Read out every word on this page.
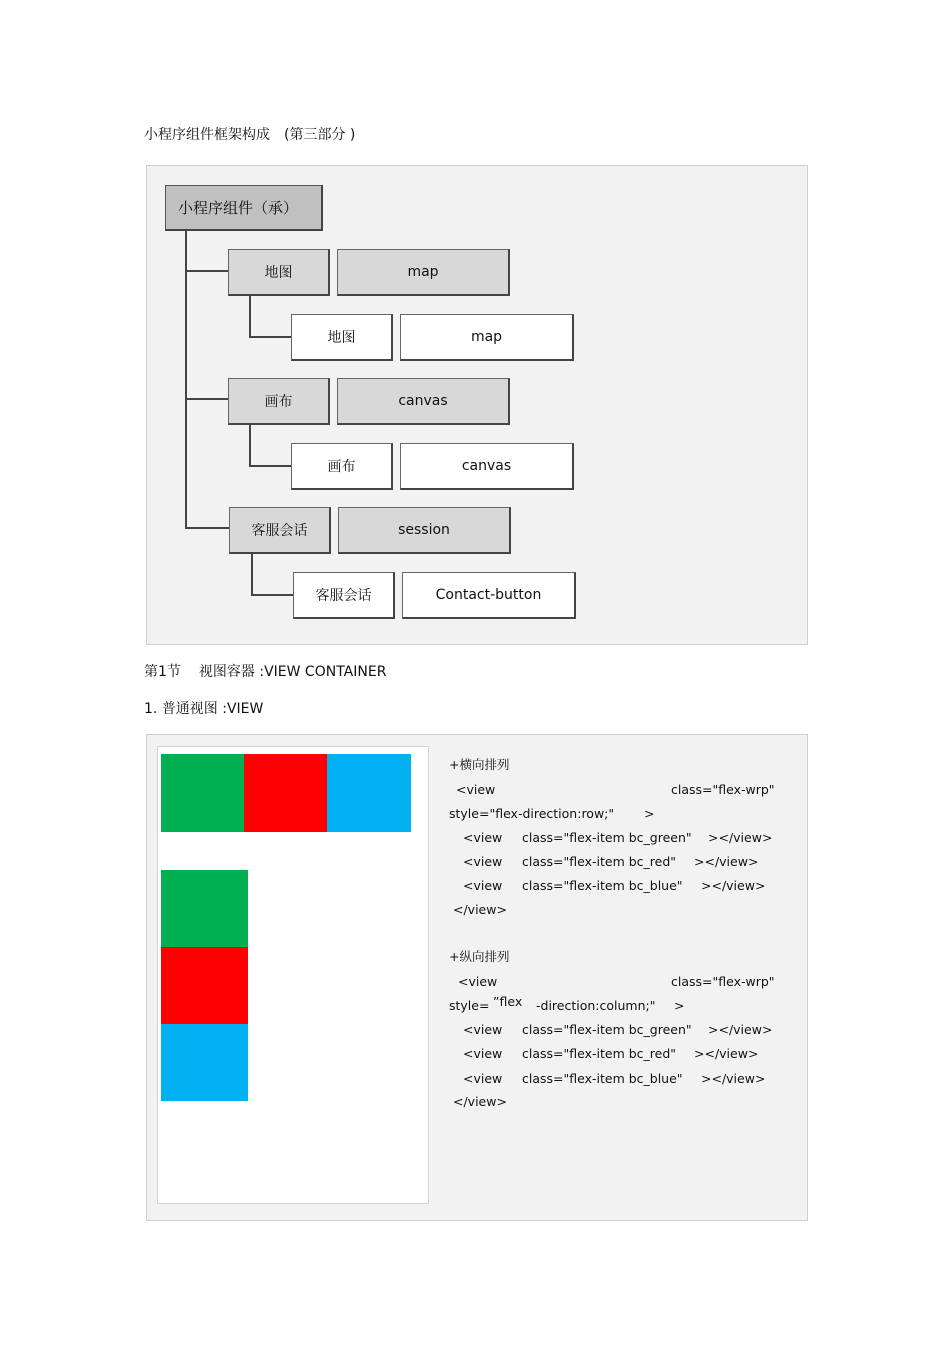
小程序组件框架构成　(第三部分 )
小程序组件（承）
地图	map
地图	map
画布	canvas
画布	canvas
客服会话	session
客服会话	Contact-button
第1节 视图容器 :VIEW CONTAINER
1. 普通视图 :VIEW
+横向排列
<view	class="flex-wrp"
style="flex-direction:row;" >
<view class="flex-item bc_green" ></view>
<view class="flex-item bc_red" ></view>
<view class="flex-item bc_blue" ></view>
</view>
+纵向排列
<view	class="flex-wrp"
style= ”flex -direction:column;" >
<view class="flex-item bc_green" ></view>
<view class="flex-item bc_red" ></view>
<view class="flex-item bc_blue" ></view>
</view>
